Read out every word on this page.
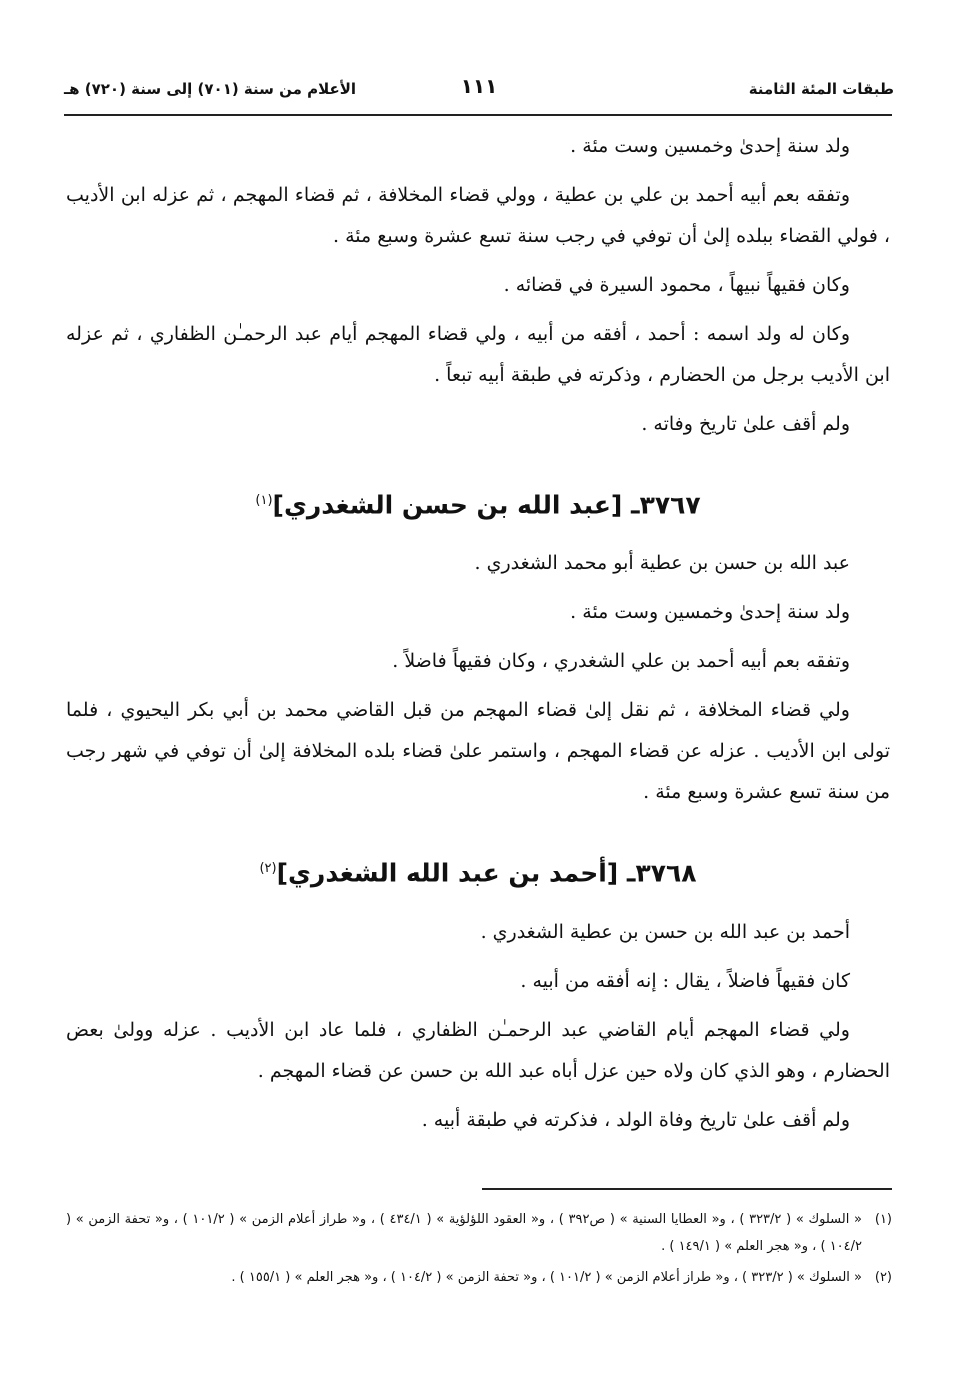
طبقات المئة الثامنة
١١١
الأعلام من سنة (٧٠١) إلى سنة (٧٢٠) هـ

ولد سنة إحدىٰ وخمسين وست مئة .

وتفقه بعم أبيه أحمد بن علي بن عطية ، وولي قضاء المخلافة ، ثم قضاء المهجم ، ثم عزله ابن الأديب ، فولي القضاء ببلده إلىٰ أن توفي في رجب سنة تسع عشرة وسبع مئة .

وكان فقيهاً نبيهاً ، محمود السيرة في قضائه .

وكان له ولد اسمه : أحمد ، أفقه من أبيه ، ولي قضاء المهجم أيام عبد الرحمـٰن الظفاري ، ثم عزله ابن الأديب برجل من الحضارم ، وذكرته في طبقة أبيه تبعاً .

ولم أقف علىٰ تاريخ وفاته .

٣٧٦٧ـ [عبد الله بن حسن الشغدري]$^{(١)}$

عبد الله بن حسن بن عطية أبو محمد الشغدري .

ولد سنة إحدىٰ وخمسين وست مئة .

وتفقه بعم أبيه أحمد بن علي الشغدري ، وكان فقيهاً فاضلاً .

ولي قضاء المخلافة ، ثم نقل إلىٰ قضاء المهجم من قبل القاضي محمد بن أبي بكر اليحيوي ، فلما تولى ابن الأديب . عزله عن قضاء المهجم ، واستمر علىٰ قضاء بلده المخلافة إلىٰ أن توفي في شهر رجب من سنة تسع عشرة وسبع مئة .

٣٧٦٨ـ [أحمد بن عبد الله الشغدري]$^{(٢)}$

أحمد بن عبد الله بن حسن بن عطية الشغدري .

كان فقيهاً فاضلاً ، يقال : إنه أفقه من أبيه .

ولي قضاء المهجم أيام القاضي عبد الرحمـٰن الظفاري ، فلما عاد ابن الأديب . عزله وولىٰ بعض الحضارم ، وهو الذي كان ولاه حين عزل أباه عبد الله بن حسن عن قضاء المهجم .

ولم أقف علىٰ تاريخ وفاة الولد ، فذكرته في طبقة أبيه .

(١)
« السلوك » ( ٣٢٣/٢ ) ، و« العطايا السنية » ( ص٣٩٢ ) ، و« العقود اللؤلؤية » ( ٤٣٤/١ ) ، و« طراز أعلام الزمن » ( ١٠١/٢ ) ، و« تحفة الزمن » ( ١٠٤/٢ ) ، و« هجر العلم » ( ١٤٩/١ ) .
(٢)
« السلوك » ( ٣٢٣/٢ ) ، و« طراز أعلام الزمن » ( ١٠١/٢ ) ، و« تحفة الزمن » ( ١٠٤/٢ ) ، و« هجر العلم » ( ١٥٥/١ ) .
